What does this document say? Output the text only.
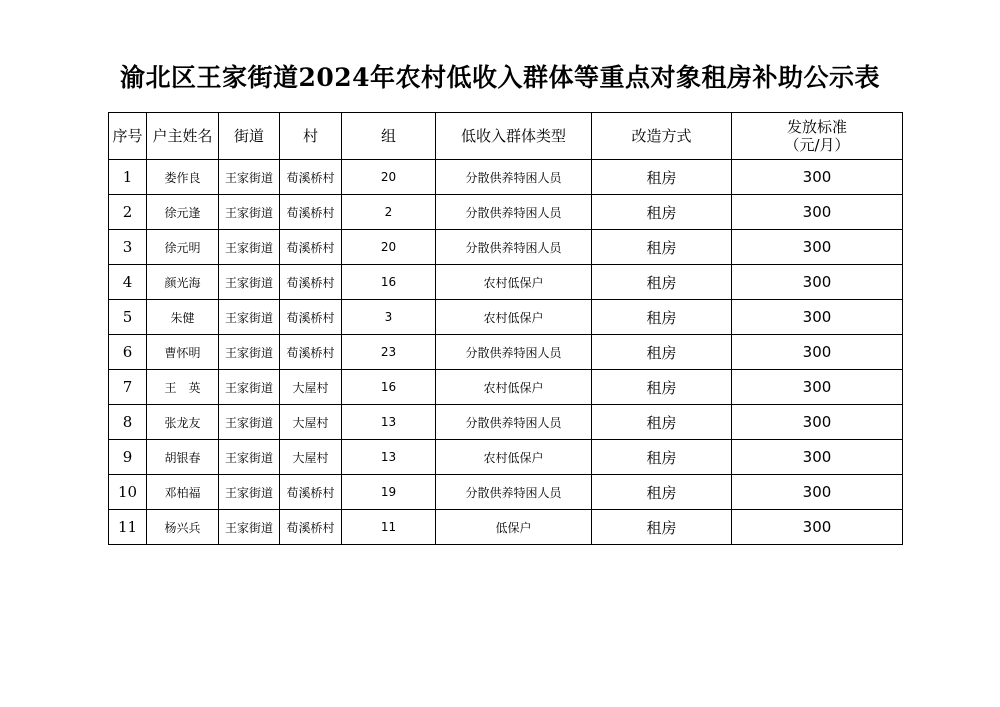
渝北区王家街道2024年农村低收入群体等重点对象租房补助公示表
序号	户主姓名	街道	村	组	低收入群体类型	改造方式	发放标准
（元/月）

1	娄作良	王家街道	荀溪桥村	20	分散供养特困人员	租房	300
2	徐元逢	王家街道	荀溪桥村	2	分散供养特困人员	租房	300
3	徐元明	王家街道	荀溪桥村	20	分散供养特困人员	租房	300
4	颜光海	王家街道	荀溪桥村	16	农村低保户	租房	300
5	朱健	王家街道	荀溪桥村	3	农村低保户	租房	300
6	曹怀明	王家街道	荀溪桥村	23	分散供养特困人员	租房	300
7	王　英	王家街道	大屋村	16	农村低保户	租房	300
8	张龙友	王家街道	大屋村	13	分散供养特困人员	租房	300
9	胡银春	王家街道	大屋村	13	农村低保户	租房	300
10	邓柏福	王家街道	荀溪桥村	19	分散供养特困人员	租房	300
11	杨兴兵	王家街道	荀溪桥村	11	低保户	租房	300
